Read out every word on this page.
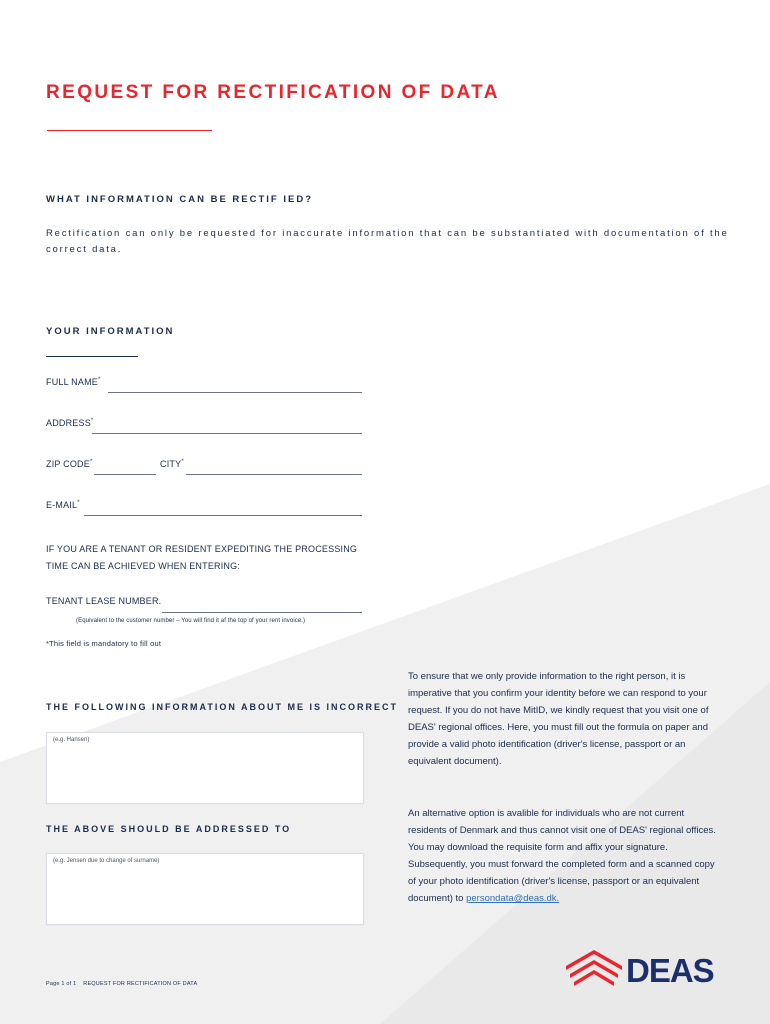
REQUEST FOR RECTIFICATION OF DATA
WHAT INFORMATION CAN BE RECTIF IED?
Rectification can only be requested for inaccurate information that can be substantiated with documentation of the correct data.
YOUR INFORMATION
FULL NAME*
ADDRESS*
ZIP CODE*	CITY*
E-MAIL*
IF YOU ARE A TENANT OR RESIDENT EXPEDITING THE PROCESSING
TIME CAN BE ACHIEVED WHEN ENTERING:
TENANT LEASE NUMBER.
(Equivalent to the customer number – You will find it af the top of your rent invoice.)
*This field is mandatory to fill out
THE FOLLOWING INFORMATION ABOUT ME IS INCORRECT
(e.g. Hansen)
THE ABOVE SHOULD BE ADDRESSED TO
(e.g. Jensen due to change of surname)
To ensure that we only provide information to the right person, it is imperative that you confirm your identity before we can respond to your request. If you do not have MitID, we kindly request that you visit one of DEAS' regional offices. Here, you must fill out the formula on paper and provide a valid photo identification (driver's license, passport or an equivalent document).
An alternative option is avalible for individuals who are not current residents of Denmark and thus cannot visit one of DEAS' regional offices. You may download the requisite form and affix your signature. Subsequently, you must forward the completed form and a scanned copy of your photo identification (driver's license, passport or an equivalent document) to persondata@deas.dk.
Page 1 of 1 REQUEST FOR RECTIFICATION OF DATA	DEAS
